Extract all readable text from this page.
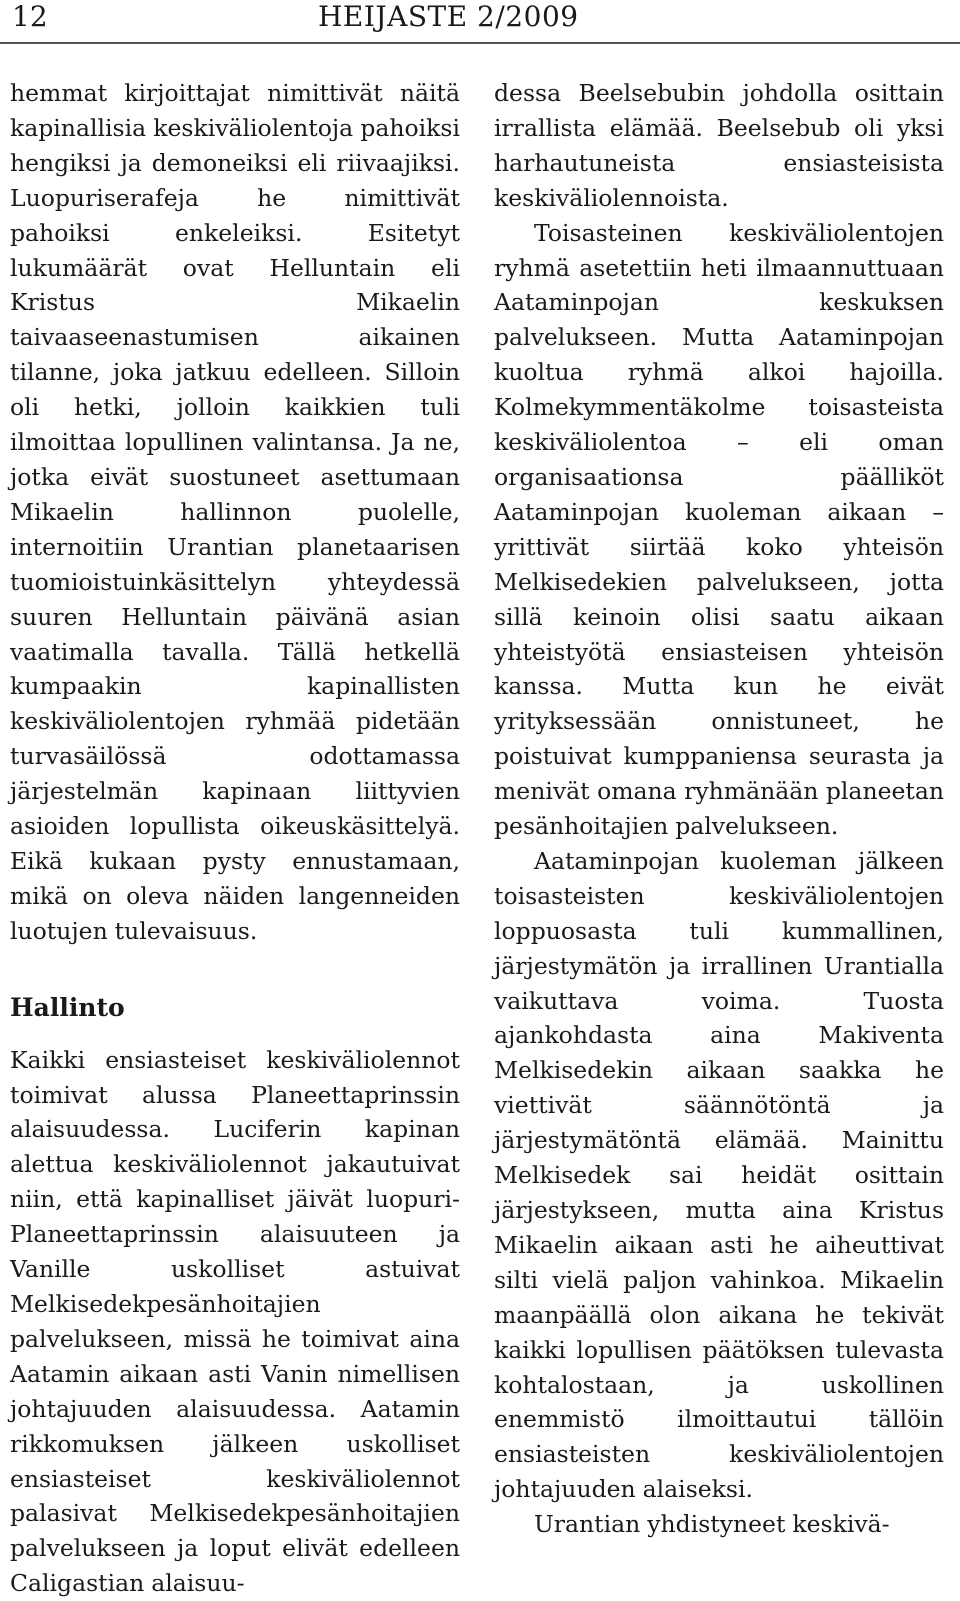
12	HEIJASTE 2/2009

hemmat kirjoittajat nimittivät näitä kapinallisia keskiväliolentoja pahoiksi hengiksi ja demoneiksi eli riivaajiksi. Luopuriserafeja he nimittivät pahoiksi enkeleiksi. Esitetyt lukumäärät ovat Helluntain eli Kristus Mikaelin taivaaseenastumisen aikainen tilanne, joka jatkuu edelleen. Silloin oli hetki, jolloin kaikkien tuli ilmoittaa lopullinen valintansa. Ja ne, jotka eivät suostuneet asettumaan Mikaelin hallinnon puolelle, internoitiin Urantian planetaarisen tuomioistuinkäsittelyn yhteydessä suuren Helluntain päivänä asian vaatimalla tavalla. Tällä hetkellä kumpaakin kapinallisten keskiväliolentojen ryhmää pidetään turvasäilössä odottamassa järjestelmän kapinaan liittyvien asioiden lopullista oikeuskäsittelyä. Eikä kukaan pysty ennustamaan, mikä on oleva näiden langenneiden luotujen tulevaisuus.

Hallinto

Kaikki ensiasteiset keskiväliolennot toimivat alussa Planeettaprinssin alaisuudessa. Luciferin kapinan alettua keskiväliolennot jakautuivat niin, että kapinalliset jäivät luopuri-Planeettaprinssin alaisuuteen ja Vanille uskolliset astuivat Melkisedekpesänhoitajien palvelukseen, missä he toimivat aina Aatamin aikaan asti Vanin nimellisen johtajuuden alaisuudessa. Aatamin rikkomuksen jälkeen uskolliset ensiasteiset keskiväliolennot palasivat Melkisedekpesänhoitajien palvelukseen ja loput elivät edelleen Caligastian alaisuu-

dessa Beelsebubin johdolla osittain irrallista elämää. Beelsebub oli yksi harhautuneista ensiasteisista keskiväliolennoista.

Toisasteinen keskiväliolentojen ryhmä asetettiin heti ilmaannuttuaan Aataminpojan keskuksen palvelukseen. Mutta Aataminpojan kuoltua ryhmä alkoi hajoilla. Kolmekymmentäkolme toisasteista keskiväliolentoa – eli oman organisaationsa päälliköt Aataminpojan kuoleman aikaan – yrittivät siirtää koko yhteisön Melkisedekien palvelukseen, jotta sillä keinoin olisi saatu aikaan yhteistyötä ensiasteisen yhteisön kanssa. Mutta kun he eivät yrityksessään onnistuneet, he poistuivat kumppaniensa seurasta ja menivät omana ryhmänään planeetan pesänhoitajien palvelukseen.

Aataminpojan kuoleman jälkeen toisasteisten keskiväliolentojen loppuosasta tuli kummallinen, järjestymätön ja irrallinen Urantialla vaikuttava voima. Tuosta ajankohdasta aina Makiventa Melkisedekin aikaan saakka he viettivät säännötöntä ja järjestymätöntä elämää. Mainittu Melkisedek sai heidät osittain järjestykseen, mutta aina Kristus Mikaelin aikaan asti he aiheuttivat silti vielä paljon vahinkoa. Mikaelin maanpäällä olon aikana he tekivät kaikki lopullisen päätöksen tulevasta kohtalostaan, ja uskollinen enemmistö ilmoittautui tällöin ensiasteisten keskiväliolentojen johtajuuden alaiseksi.

Urantian yhdistyneet keskivä-
